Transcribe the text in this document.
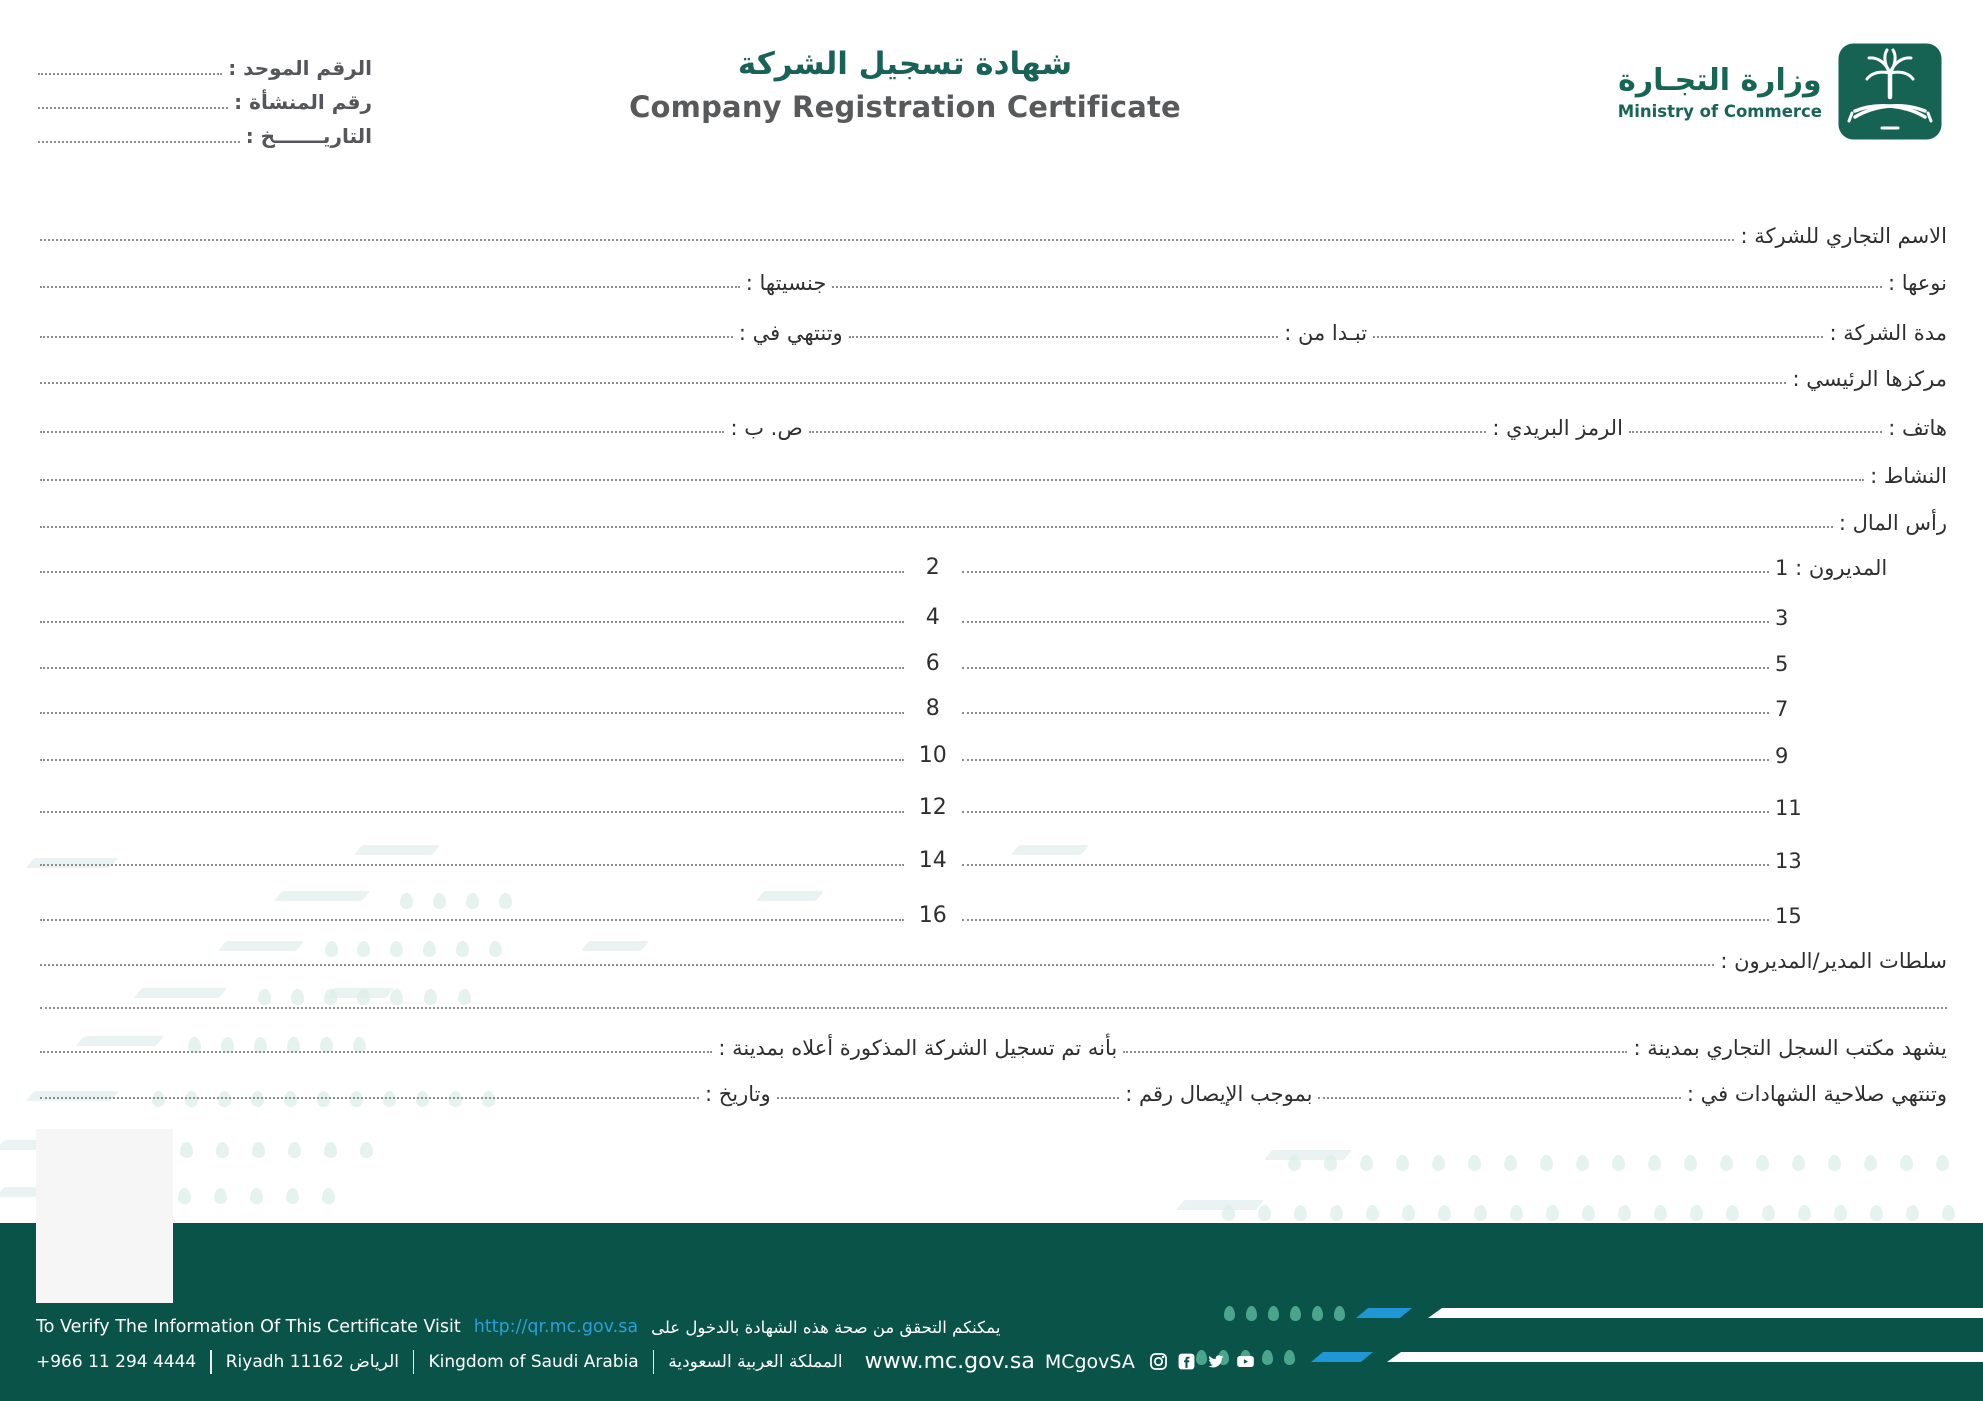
الرقم الموحد :
رقم المنشأة :
التاريـــــــخ :
شهادة تسجيل الشركة
Company Registration Certificate
وزارة التجـارة
Ministry of Commerce
الاسم التجاري للشركة :
نوعها :
جنسيتها :
مدة الشركة :
تبـدا من :
وتنتهي في :
مركزها الرئيسي :
هاتف :
الرمز البريدي :
ص. ب :
النشاط :
رأس المال :
المديرون : 1
2
3
4
5
6
7
8
9
10
11
12
13
14
15
16
سلطات المدير/المديرون :
يشهد مكتب السجل التجاري بمدينة :
بأنه تم تسجيل الشركة المذكورة أعلاه بمدينة :
وتنتهي صلاحية الشهادات في :
بموجب الإيصال رقم :
وتاريخ :
To Verify The Information Of This Certificate Visit http://qr.mc.gov.sa يمكنكم التحقق من صحة هذه الشهادة بالدخول على
+966 11 294 4444 Riyadh 11162 الرياض Kingdom of Saudi Arabia المملكة العربية السعودية www.mc.gov.sa MCgovSA
